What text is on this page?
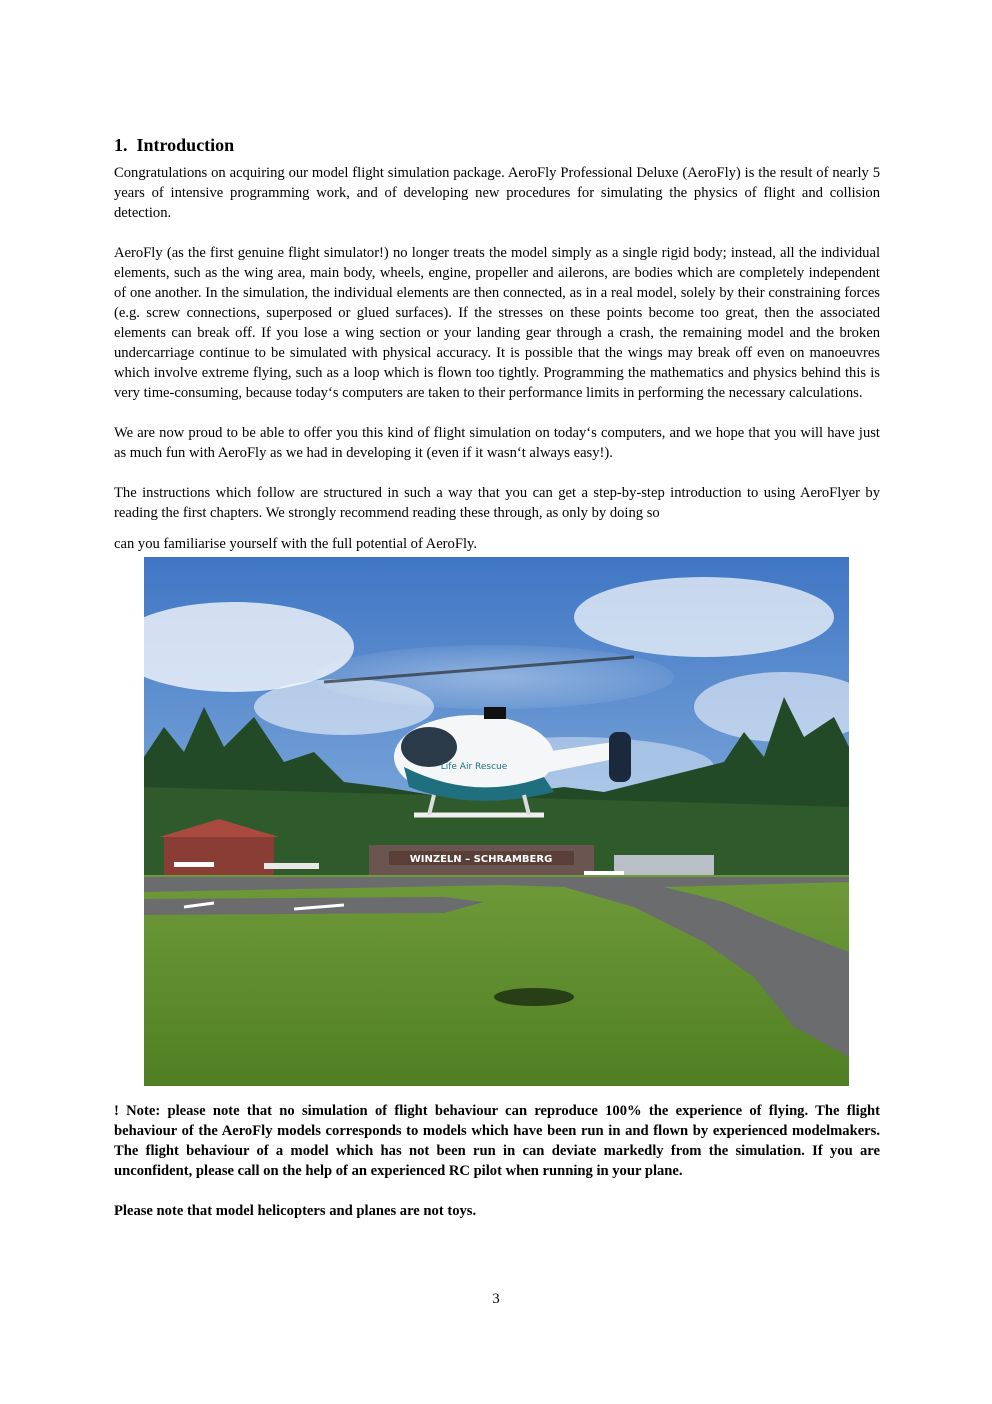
1. Introduction

Congratulations on acquiring our model flight simulation package. AeroFly Professional Deluxe (AeroFly) is the result of nearly 5 years of intensive programming work, and of developing new procedures for simulating the physics of flight and collision detection.

AeroFly (as the first genuine flight simulator!) no longer treats the model simply as a single rigid body; instead, all the individual elements, such as the wing area, main body, wheels, engine, propeller and ailerons, are bodies which are completely independent of one another. In the simulation, the individual elements are then connected, as in a real model, solely by their constraining forces (e.g. screw connections, superposed or glued surfaces). If the stresses on these points become too great, then the associated elements can break off. If you lose a wing section or your landing gear through a crash, the remaining model and the broken undercarriage continue to be simulated with physical accuracy. It is possible that the wings may break off even on manoeuvres which involve extreme flying, such as a loop which is flown too tightly. Programming the mathematics and physics behind this is very time-consuming, because today‘s computers are taken to their performance limits in performing the necessary calculations.

We are now proud to be able to offer you this kind of flight simulation on today‘s computers, and we hope that you will have just as much fun with AeroFly as we had in developing it (even if it wasn‘t always easy!).

The instructions which follow are structured in such a way that you can get a step-by-step introduction to using AeroFlyer by reading the first chapters. We strongly recommend reading these through, as only by doing so

can you familiarise yourself with the full potential of AeroFly.

WINZELN – SCHRAMBERG
Life Air Rescue

! Note: please note that no simulation of flight behaviour can reproduce 100% the experience of flying. The flight behaviour of the AeroFly models corresponds to models which have been run in and flown by experienced modelmakers. The flight behaviour of a model which has not been run in can deviate markedly from the simulation. If you are unconfident, please call on the help of an experienced RC pilot when running in your plane.

Please note that model helicopters and planes are not toys.

3
